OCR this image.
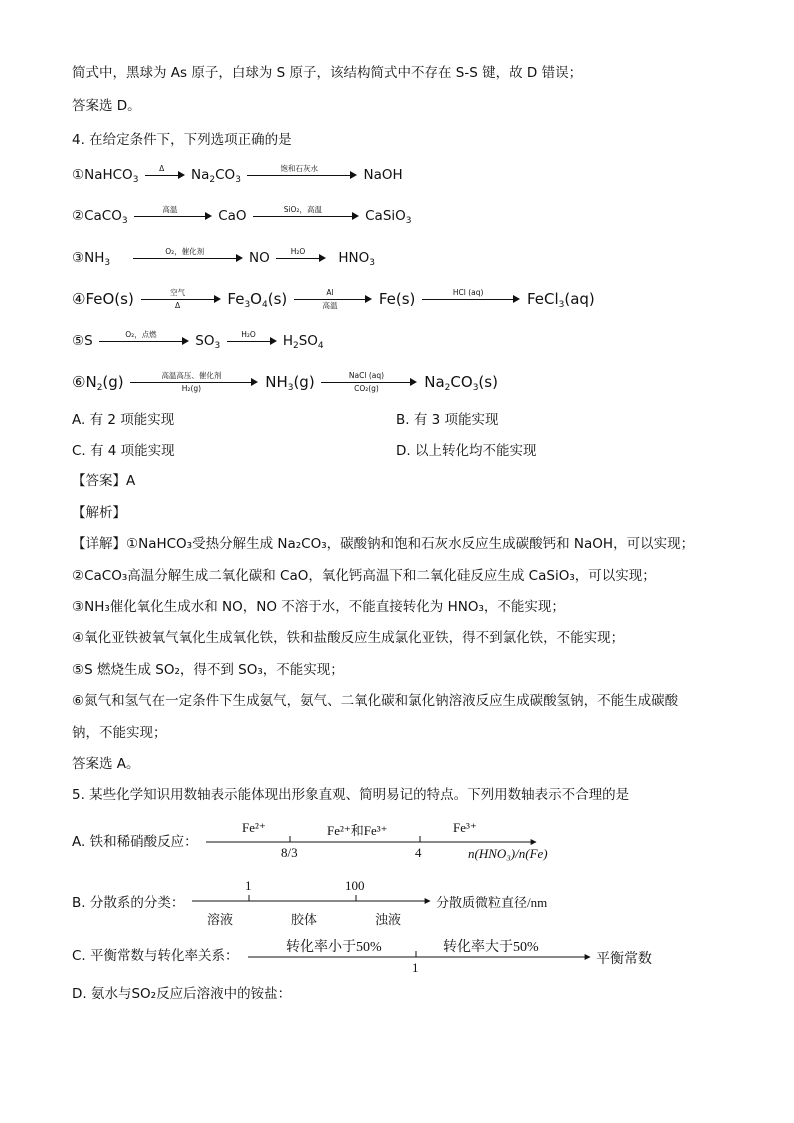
简式中，黑球为 As 原子，白球为 S 原子，该结构简式中不存在 S-S 键，故 D 错误；
答案选 D。
4. 在给定条件下，下列选项正确的是
①NaHCO$_3$
Δ	$Na_2CO_3$
饱和石灰水	NaOH
②CaCO$_3$
高温	CaO	SiO₂，高温	CaSiO$_3$
$③NH_3$
O₂，催化剂	NO	H₂O	$HNO_3$
④FeO(s)	空气
Δ	$Fe_3O_4(s)$	Al
高温	Fe(s)	HCl (aq)	FeCl$_3$(aq)
⑤S	O₂，点燃	$SO_3$
H₂O	$H_2SO_4$
$⑥N_2(g)$	高温高压、催化剂
H₂(g)	$NH_3(g)$	NaCl (aq)
CO₂(g)	$Na_2CO_3(s)$
A. 有 2 项能实现	B. 有 3 项能实现
C. 有 4 项能实现	D. 以上转化均不能实现
【答案】A
【解析】
【详解】①NaHCO₃受热分解生成 Na₂CO₃，碳酸钠和饱和石灰水反应生成碳酸钙和 NaOH，可以实现；
②CaCO₃高温分解生成二氧化碳和 CaO，氧化钙高温下和二氧化硅反应生成 CaSiO₃，可以实现；
③NH₃催化氧化生成水和 NO，NO 不溶于水，不能直接转化为 HNO₃，不能实现；
④氧化亚铁被氧气氧化生成氧化铁，铁和盐酸反应生成氯化亚铁，得不到氯化铁，不能实现；
⑤S 燃烧生成 SO₂，得不到 SO₃，不能实现；
⑥氮气和氢气在一定条件下生成氨气，氨气、二氧化碳和氯化钠溶液反应生成碳酸氢钠，不能生成碳酸
钠，不能实现；
答案选 A。
5. 某些化学知识用数轴表示能体现出形象直观、简明易记的特点。下列用数轴表示不合理的是
A. 铁和稀硝酸反应：
Fe²⁺	Fe²⁺和Fe³⁺	Fe³⁺
8/3	4	n(HNO₃)/n(Fe)
B. 分散系的分类：
1	100
溶液	胶体	浊液
分散质微粒直径/nm
C. 平衡常数与转化率关系：
转化率小于50%	转化率大于50%
1
平衡常数
D. 氨水与SO₂反应后溶液中的铵盐：
